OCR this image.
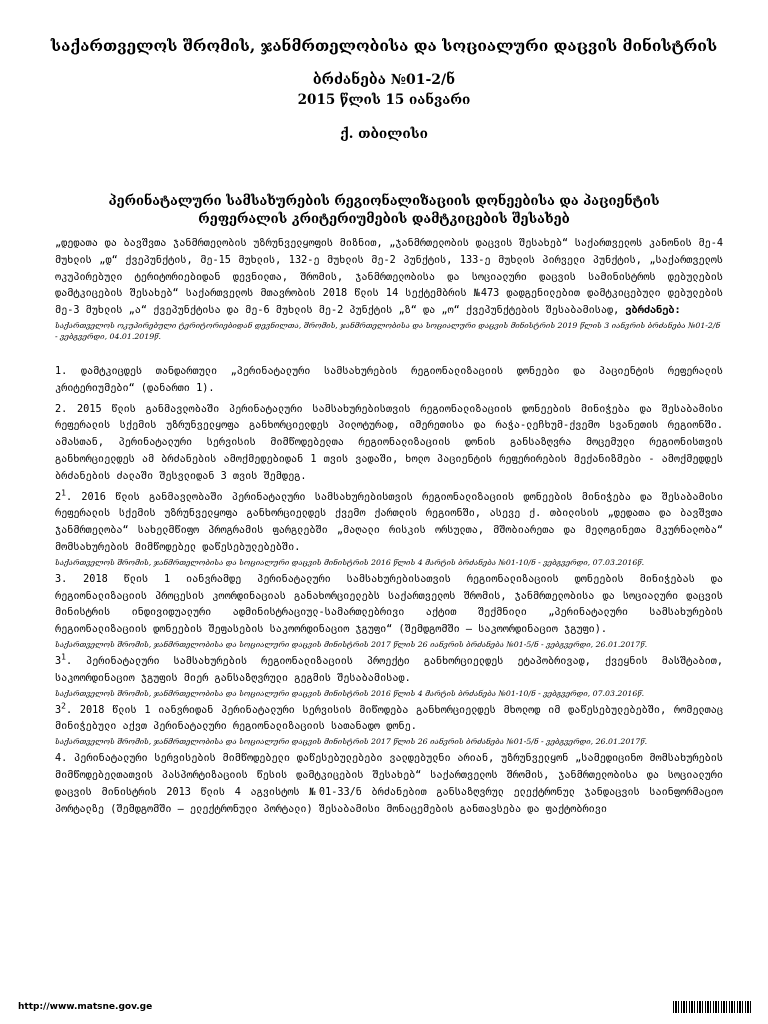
საქართველოს შრომის, ჯანმრთელობისა და სოციალური დაცვის მინისტრის
ბრძანება №01-2/ნ
2015 წლის 15 იანვარი
ქ. თბილისი
პერინატალური სამსახურების რეგიონალიზაციის დონეებისა და პაციენტის რეფერალის კრიტერიუმების დამტკიცების შესახებ

„დედათა და ბავშვთა ჯანმრთელობის უზრუნველყოფის მიზნით, „ჯანმრთელობის დაცვის შესახებ“ საქართველოს კანონის მე-4 მუხლის „დ“ ქვეპუნქტის, მე-15 მუხლის, 132-ე მუხლის მე-2 პუნქტის, 133-ე მუხლის პირველი პუნქტის, „საქართველოს ოკუპირებული ტერიტორიებიდან დევნილთა, შრომის, ჯანმრთელობისა და სოციალური დაცვის სამინისტროს დებულების დამტკიცების შესახებ“ საქართველოს მთავრობის 2018 წლის 14 სექტემბრის №473 დადგენილებით დამტკიცებული დებულების მე-3 მუხლის „ა“ ქვეპუნქტისა და მე-6 მუხლის მე-2 პუნქტის „ზ“ და „ო“ ქვეპუნქტების შესაბამისად, ვბრძანებ:

საქართველოს ოკუპირებული ტერიტორიებიდან დევნილთა, შრომის, ჯანმრთელობისა და სოციალური დაცვის მინისტრის 2019 წლის 3 იანვრის ბრძანება №01-2/ნ - ვებგვერდი, 04.01.2019წ.

1. დამტკიცდეს თანდართული „პერინატალური სამსახურების რეგიონალიზაციის დონეები და პაციენტის რეფერალის კრიტერიუმები“ (დანართი 1).

2. 2015 წლის განმავლობაში პერინატალური სამსახურებისთვის რეგიონალიზაციის დონეების მინიჭება და შესაბამისი რეფერალის სქემის უზრუნველყოფა განხორციელდეს პილოტურად, იმერეთისა და რაჭა-ლეჩხუმ-ქვემო სვანეთის რეგიონში. ამასთან, პერინატალური სერვისის მიმწოდებელთა რეგიონალიზაციის დონის განსაზღვრა მოცემული რეგიონისთვის განხორციელდეს ამ ბრძანების ამოქმედებიდან 1 თვის ვადაში, ხოლო პაციენტის რეფერირების მექანიზმები - ამოქმედდეს ბრძანების ძალაში შესვლიდან 3 თვის შემდეგ.

$2^1$. 2016 წლის განმავლობაში პერინატალური სამსახურებისთვის რეგიონალიზაციის დონეების მინიჭება და შესაბამისი რეფერალის სქემის უზრუნველყოფა განხორციელდეს ქვემო ქართლის რეგიონში, ასევე ქ. თბილისის „დედათა და ბავშვთა ჯანმრთელობა“ სახელმწიფო პროგრამის ფარგლებში „მაღალი რისკის ორსულთა, მშობიარეთა და მელოგინეთა მკურნალობა“ მომსახურების მიმწოდებელ დაწესებულებებში.

საქართველოს შრომის, ჯანმრთელობისა და სოციალური დაცვის მინისტრის 2016 წლის 4 მარტის ბრძანება №01-10/ნ - ვებგვერდი, 07.03.2016წ.

3. 2018 წლის 1 იანვრამდე პერინატალური სამსახურებისათვის რეგიონალიზაციის დონეების მინიჭებას და რეგიონალიზაციის პროცესის კოორდინაციას განახორციელებს საქართველოს შრომის, ჯანმრთელობისა და სოციალური დაცვის მინისტრის ინდივიდუალური ადმინისტრაციულ-სამართლებრივი აქტით შექმნილი „პერინატალური სამსახურების რეგიონალიზაციის დონეების შეფასების საკოორდინაციო ჯგუფი“ (შემდგომში – საკოორდინაციო ჯგუფი).

საქართველოს შრომის, ჯანმრთელობისა და სოციალური დაცვის მინისტრის 2017 წლის 26 იანვრის ბრძანება №01-5/ნ - ვებგვერდი, 26.01.2017წ.

$3^1$. პერინატალური სამსახურების რეგიონალიზაციის პროექტი განხორციელდეს ეტაპობრივად, ქვეყნის მასშტაბით, საკოორდინაციო ჯგუფის მიერ განსაზღვრული გეგმის შესაბამისად.

საქართველოს შრომის, ჯანმრთელობისა და სოციალური დაცვის მინისტრის 2016 წლის 4 მარტის ბრძანება №01-10/ნ - ვებგვერდი, 07.03.2016წ.

$3^2$. 2018 წლის 1 იანვრიდან პერინატალური სერვისის მიწოდება განხორციელდეს მხოლოდ იმ დაწესებულებებში, რომელთაც მინიჭებული აქვთ პერინატალური რეგიონალიზაციის სათანადო დონე.

საქართველოს შრომის, ჯანმრთელობისა და სოციალური დაცვის მინისტრის 2017 წლის 26 იანვრის ბრძანება №01-5/ნ - ვებგვერდი, 26.01.2017წ.

4. პერინატალური სერვისების მიმწოდებელი დაწესებულებები ვალდებულნი არიან, უზრუნველყონ „სამედიცინო მომსახურების მიმწოდებელთათვის პასპორტიზაციის წესის დამტკიცების შესახებ“ საქართველოს შრომის, ჯანმრთელობისა და სოციალური დაცვის მინისტრის 2013 წლის 4 აგვისტოს №01-33/ნ ბრძანებით განსაზღვრულ ელექტრონულ ჯანდაცვის საინფორმაციო პორტალზე (შემდგომში – ელექტრონული პორტალი) შესაბამისი მონაცემების განთავსება და ფაქტობრივი

http://www.matsne.gov.ge
